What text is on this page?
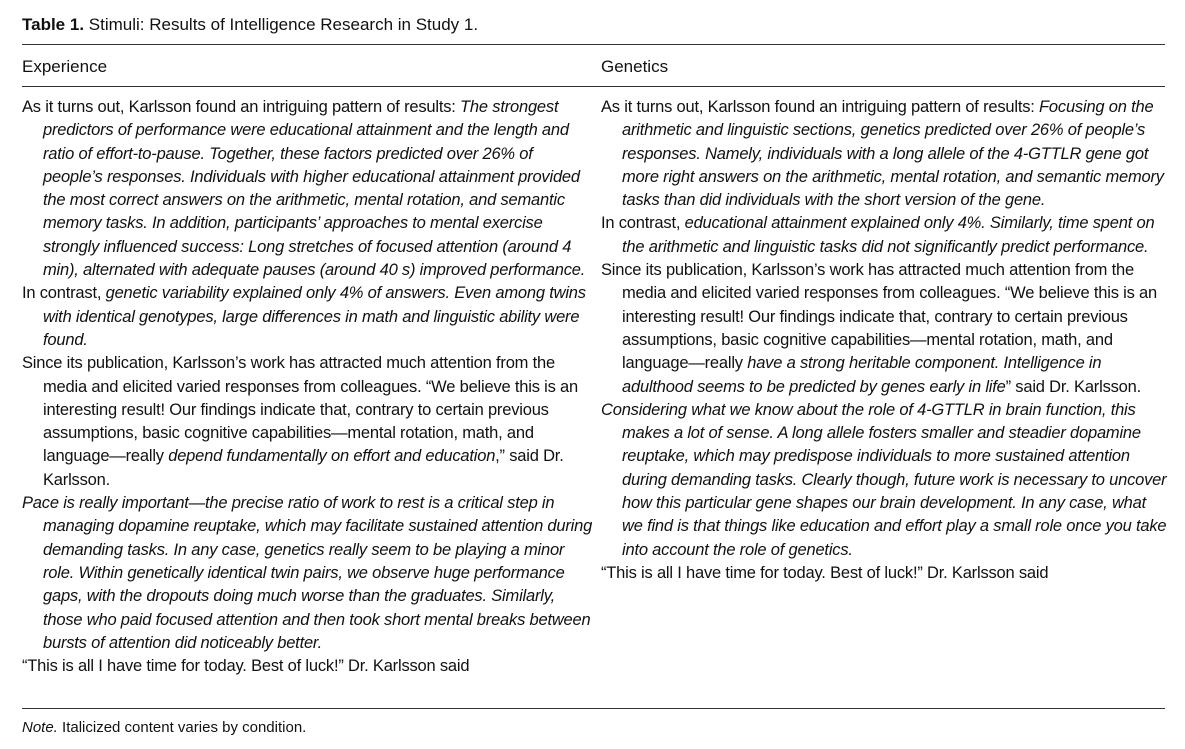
Table 1. Stimuli: Results of Intelligence Research in Study 1.
Experience	Genetics

As it turns out, Karlsson found an intriguing pattern of results: The strongest predictors of performance were educational attainment and the length and ratio of effort-to-pause. Together, these factors predicted over 26% of people’s responses. Individuals with higher educational attainment provided the most correct answers on the arithmetic, mental rotation, and semantic memory tasks. In addition, participants’ approaches to mental exercise strongly influenced success: Long stretches of focused attention (around 4 min), alternated with adequate pauses (around 40 s) improved performance.

In contrast, genetic variability explained only 4% of answers. Even among twins with identical genotypes, large differences in math and linguistic ability were found.

Since its publication, Karlsson’s work has attracted much attention from the media and elicited varied responses from colleagues. “We believe this is an interesting result! Our findings indicate that, contrary to certain previous assumptions, basic cognitive capabilities—mental rotation, math, and language—really depend fundamentally on effort and education,” said Dr. Karlsson.

Pace is really important—the precise ratio of work to rest is a critical step in managing dopamine reuptake, which may facilitate sustained attention during demanding tasks. In any case, genetics really seem to be playing a minor role. Within genetically identical twin pairs, we observe huge performance gaps, with the dropouts doing much worse than the graduates. Similarly, those who paid focused attention and then took short mental breaks between bursts of attention did noticeably better.

“This is all I have time for today. Best of luck!” Dr. Karlsson said

As it turns out, Karlsson found an intriguing pattern of results: Focusing on the arithmetic and linguistic sections, genetics predicted over 26% of people’s responses. Namely, individuals with a long allele of the 4-GTTLR gene got more right answers on the arithmetic, mental rotation, and semantic memory tasks than did individuals with the short version of the gene.

In contrast, educational attainment explained only 4%. Similarly, time spent on the arithmetic and linguistic tasks did not significantly predict performance.

Since its publication, Karlsson’s work has attracted much attention from the media and elicited varied responses from colleagues. “We believe this is an interesting result! Our findings indicate that, contrary to certain previous assumptions, basic cognitive capabilities—mental rotation, math, and language—really have a strong heritable component. Intelligence in adulthood seems to be predicted by genes early in life” said Dr. Karlsson.

Considering what we know about the role of 4-GTTLR in brain function, this makes a lot of sense. A long allele fosters smaller and steadier dopamine reuptake, which may predispose individuals to more sustained attention during demanding tasks. Clearly though, future work is necessary to uncover how this particular gene shapes our brain development. In any case, what we find is that things like education and effort play a small role once you take into account the role of genetics.

“This is all I have time for today. Best of luck!” Dr. Karlsson said

Note. Italicized content varies by condition.
